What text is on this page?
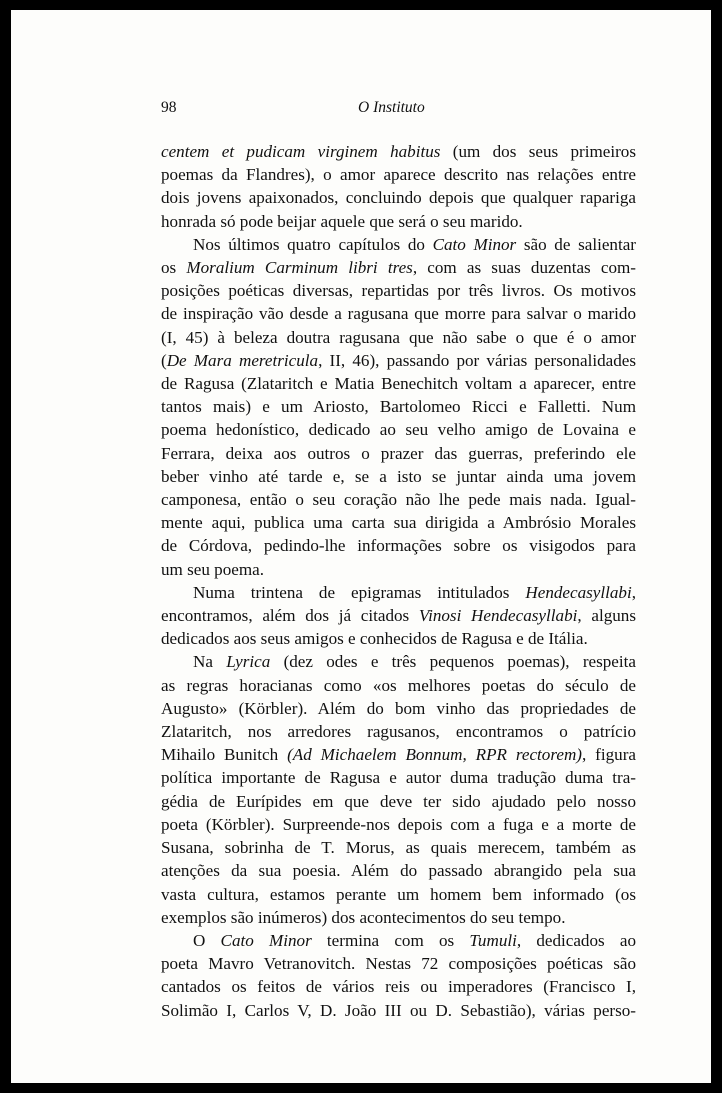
98	O Instituto
centem et pudicam virginem habitus (um dos seus primeiros
poemas da Flandres), o amor aparece descrito nas relações entre
dois jovens apaixonados, concluindo depois que qualquer rapariga
honrada só pode beijar aquele que será o seu marido.
Nos últimos quatro capítulos do Cato Minor são de salientar
os Moralium Carminum libri tres, com as suas duzentas com-
posições poéticas diversas, repartidas por três livros. Os motivos
de inspiração vão desde a ragusana que morre para salvar o marido
(I, 45) à beleza doutra ragusana que não sabe o que é o amor
(De Mara meretricula, II, 46), passando por várias personalidades
de Ragusa (Zlataritch e Matia Benechitch voltam a aparecer, entre
tantos mais) e um Ariosto, Bartolomeo Ricci e Falletti. Num
poema hedonístico, dedicado ao seu velho amigo de Lovaina e
Ferrara, deixa aos outros o prazer das guerras, preferindo ele
beber vinho até tarde e, se a isto se juntar ainda uma jovem
camponesa, então o seu coração não lhe pede mais nada. Igual-
mente aqui, publica uma carta sua dirigida a Ambrósio Morales
de Córdova, pedindo-lhe informações sobre os visigodos para
um seu poema.
Numa trintena de epigramas intitulados Hendecasyllabi,
encontramos, além dos já citados Vinosi Hendecasyllabi, alguns
dedicados aos seus amigos e conhecidos de Ragusa e de Itália.
Na Lyrica (dez odes e três pequenos poemas), respeita
as regras horacianas como «os melhores poetas do século de
Augusto» (Körbler). Além do bom vinho das propriedades de
Zlataritch, nos arredores ragusanos, encontramos o patrício
Mihailo Bunitch (Ad Michaelem Bonnum, RPR rectorem), figura
política importante de Ragusa e autor duma tradução duma tra-
gédia de Eurípides em que deve ter sido ajudado pelo nosso
poeta (Körbler). Surpreende-nos depois com a fuga e a morte de
Susana, sobrinha de T. Morus, as quais merecem, também as
atenções da sua poesia. Além do passado abrangido pela sua
vasta cultura, estamos perante um homem bem informado (os
exemplos são inúmeros) dos acontecimentos do seu tempo.
O Cato Minor termina com os Tumuli, dedicados ao
poeta Mavro Vetranovitch. Nestas 72 composições poéticas são
cantados os feitos de vários reis ou imperadores (Francisco I,
Solimão I, Carlos V, D. João III ou D. Sebastião), várias perso-
